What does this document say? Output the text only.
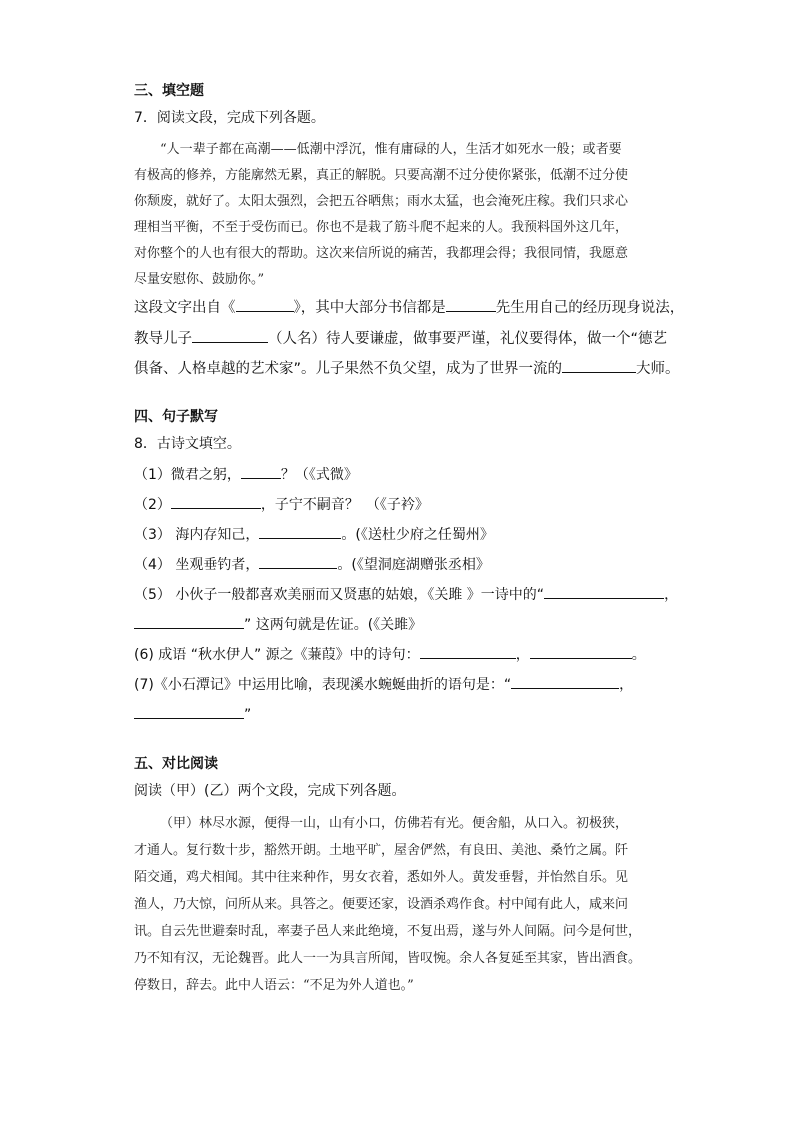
三、填空题
7．阅读文段，完成下列各题。
“人一辈子都在高潮——低潮中浮沉，惟有庸碌的人，生活才如死水一般；或者要
有极高的修养，方能廓然无累，真正的解脱。只要高潮不过分使你紧张，低潮不过分使
你颓废，就好了。太阳太强烈，会把五谷晒焦；雨水太猛，也会淹死庄稼。我们只求心
理相当平衡，不至于受伤而已。你也不是栽了筋斗爬不起来的人。我预料国外这几年，
对你整个的人也有很大的帮助。这次来信所说的痛苦，我都理会得；我很同情，我愿意
尽量安慰你、鼓励你。”
这段文字出自《	》，其中大部分书信都是	先生用自己的经历现身说法，
教导儿子	（人名）待人要谦虚，做事要严谨，礼仪要得体，做一个“德艺
俱备、人格卓越的艺术家”。儿子果然不负父望，成为了世界一流的	大师。
四、句子默写
8．古诗文填空。
（1）微君之躬，	？（《式微》
（2）	，子宁不嗣音？　（《子衿》
（3） 海内存知己，	。(《送杜少府之任蜀州》
（4） 坐观垂钓者，	。(《望洞庭湖赠张丞相》
（5） 小伙子一般都喜欢美丽而又贤惠的姑娘，《关雎 》一诗中的“	，
” 这两句就是佐证。(《关雎》
(6) 成语 “秋水伊人” 源之《蒹葭》中的诗句：	，	。
(7)《小石潭记》中运用比喻，表现溪水蜿蜒曲折的语句是：“	，
”
五、对比阅读
阅读（甲）(乙）两个文段，完成下列各题。
（甲）林尽水源，便得一山，山有小口，仿佛若有光。便舍船，从口入。初极狭，
才通人。复行数十步，豁然开朗。土地平旷，屋舍俨然，有良田、美池、桑竹之属。阡
陌交通，鸡犬相闻。其中往来种作，男女衣着，悉如外人。黄发垂髫，并怡然自乐。见
渔人，乃大惊，问所从来。具答之。便要还家，设酒杀鸡作食。村中闻有此人，咸来问
讯。自云先世避秦时乱，率妻子邑人来此绝境，不复出焉，遂与外人间隔。问今是何世，
乃不知有汉，无论魏晋。此人一一为具言所闻，皆叹惋。余人各复延至其家，皆出酒食。
停数日，辞去。此中人语云：“不足为外人道也。”
